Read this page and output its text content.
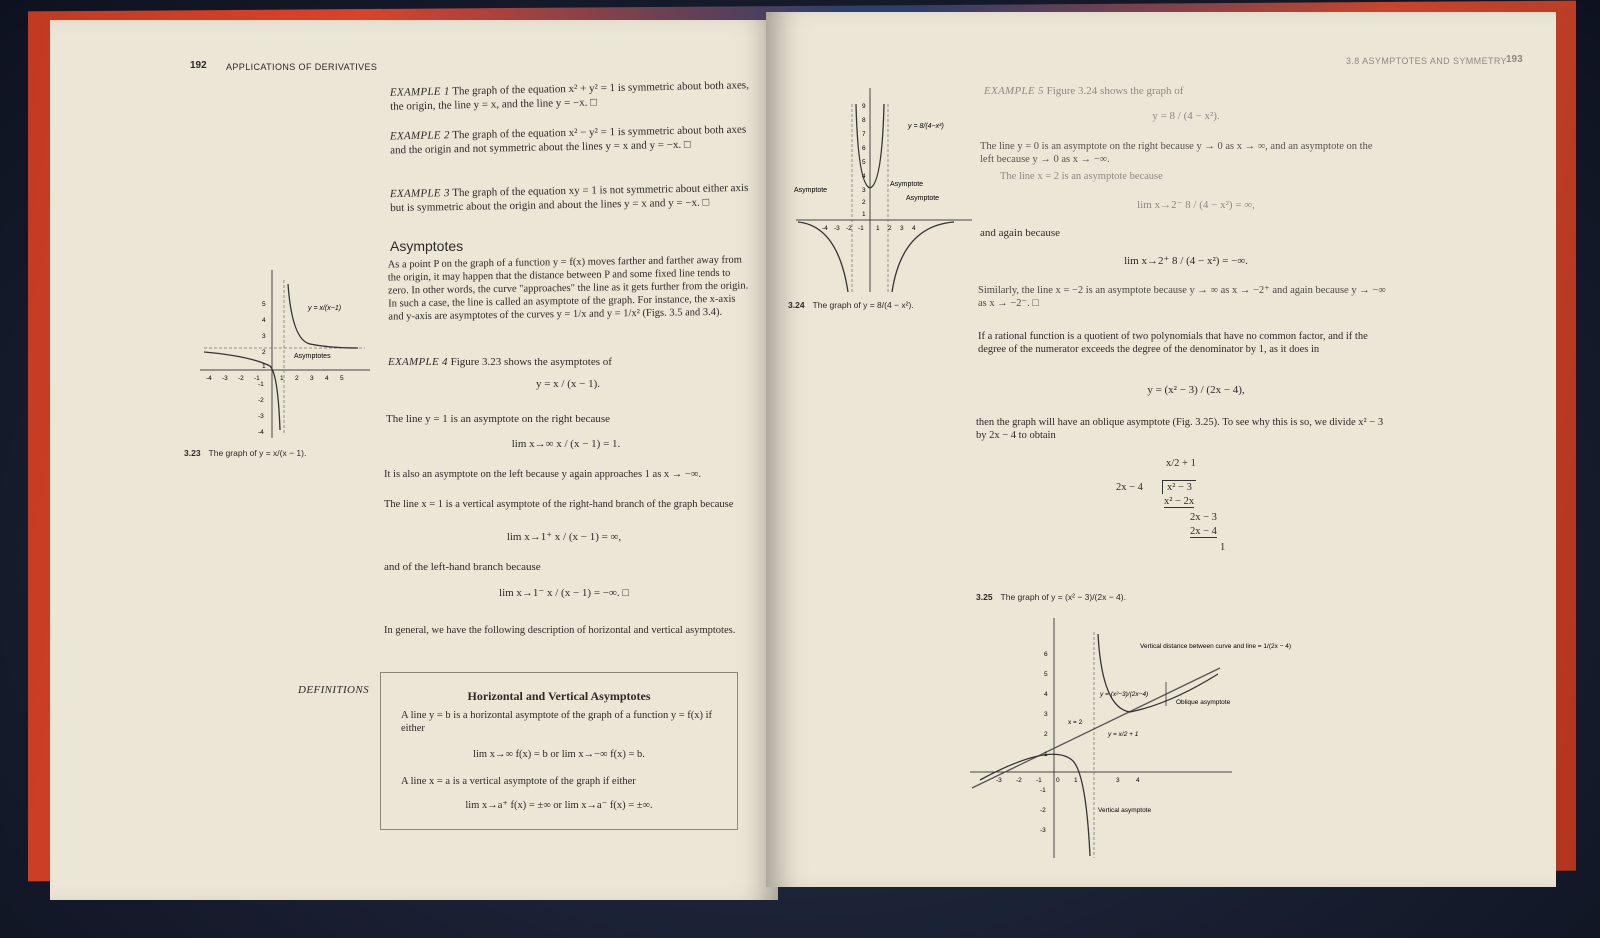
192 APPLICATIONS OF DERIVATIVES
EXAMPLE 1 The graph of the equation x² + y² = 1 is symmetric about both axes, the origin, the line y = x, and the line y = −x. □
EXAMPLE 2 The graph of the equation x² − y² = 1 is symmetric about both axes and the origin and not symmetric about the lines y = x and y = −x. □
EXAMPLE 3 The graph of the equation xy = 1 is not symmetric about either axis but is symmetric about the origin and about the lines y = x and y = −x. □
Asymptotes
As a point P on the graph of a function y = f(x) moves farther and farther away from the origin, it may happen that the distance between P and some fixed line tends to zero. In other words, the curve "approaches" the line as it gets further from the origin. In such a case, the line is called an asymptote of the graph. For instance, the x-axis and y-axis are asymptotes of the curves y = 1/x and y = 1/x² (Figs. 3.5 and 3.4).
EXAMPLE 4 Figure 3.23 shows the asymptotes of
y = x / (x − 1).
The line y = 1 is an asymptote on the right because
lim x→∞ x / (x − 1) = 1.
It is also an asymptote on the left because y again approaches 1 as x → −∞.
The line x = 1 is a vertical asymptote of the right-hand branch of the graph because
lim x→1⁺ x / (x − 1) = ∞,
and of the left-hand branch because
lim x→1⁻ x / (x − 1) = −∞. □
In general, we have the following description of horizontal and vertical asymptotes.
DEFINITIONS	Horizontal and Vertical Asymptotes
A line y = b is a horizontal asymptote of the graph of a function y = f(x) if either
lim x→∞ f(x) = b or lim x→−∞ f(x) = b.
A line x = a is a vertical asymptote of the graph if either
lim x→a⁺ f(x) = ±∞ or lim x→a⁻ f(x) = ±∞.
y = x/(x−1)
Asymptotes
-4 -3 -2 -1	1 2 3 4 5
5
4
3
2
1
-1
-2
-3
-4
3.23 The graph of y = x/(x − 1).
3.8 ASYMPTOTES AND SYMMETRY
193
Asymptote
Asymptote
Asymptote
y = 8/(4−x²)
-4 -3 -2 -1 1 2 3 4
9
8
7
6
5
4
3
2
1
3.24 The graph of y = 8/(4 − x²).
EXAMPLE 5 Figure 3.24 shows the graph of
y = 8 / (4 − x²).
The line y = 0 is an asymptote on the right because y → 0 as x → ∞, and an asymptote on the left because y → 0 as x → −∞.
The line x = 2 is an asymptote because
lim x→2⁻ 8 / (4 − x²) = ∞,
and again because
lim x→2⁺ 8 / (4 − x²) = −∞.
Similarly, the line x = −2 is an asymptote because y → ∞ as x → −2⁺ and again because y → −∞ as x → −2⁻. □
If a rational function is a quotient of two polynomials that have no common factor, and if the degree of the numerator exceeds the degree of the denominator by 1, as it does in
y = (x² − 3) / (2x − 4),
then the graph will have an oblique asymptote (Fig. 3.25). To see why this is so, we divide x² − 3 by 2x − 4 to obtain
x/2 + 1
2x − 4	x² − 3
x² − 2x
2x − 3
2x − 4
1
3.25 The graph of y = (x² − 3)/(2x − 4).
Vertical distance between curve and line = 1/(2x − 4)
Oblique asymptote
y = (x²−3)/(2x−4)
y = x/2 + 1
x = 2
Vertical asymptote
-3 -2 -1 0 1	3	4
6
5
4
3
2
1
-1
-2
-3
